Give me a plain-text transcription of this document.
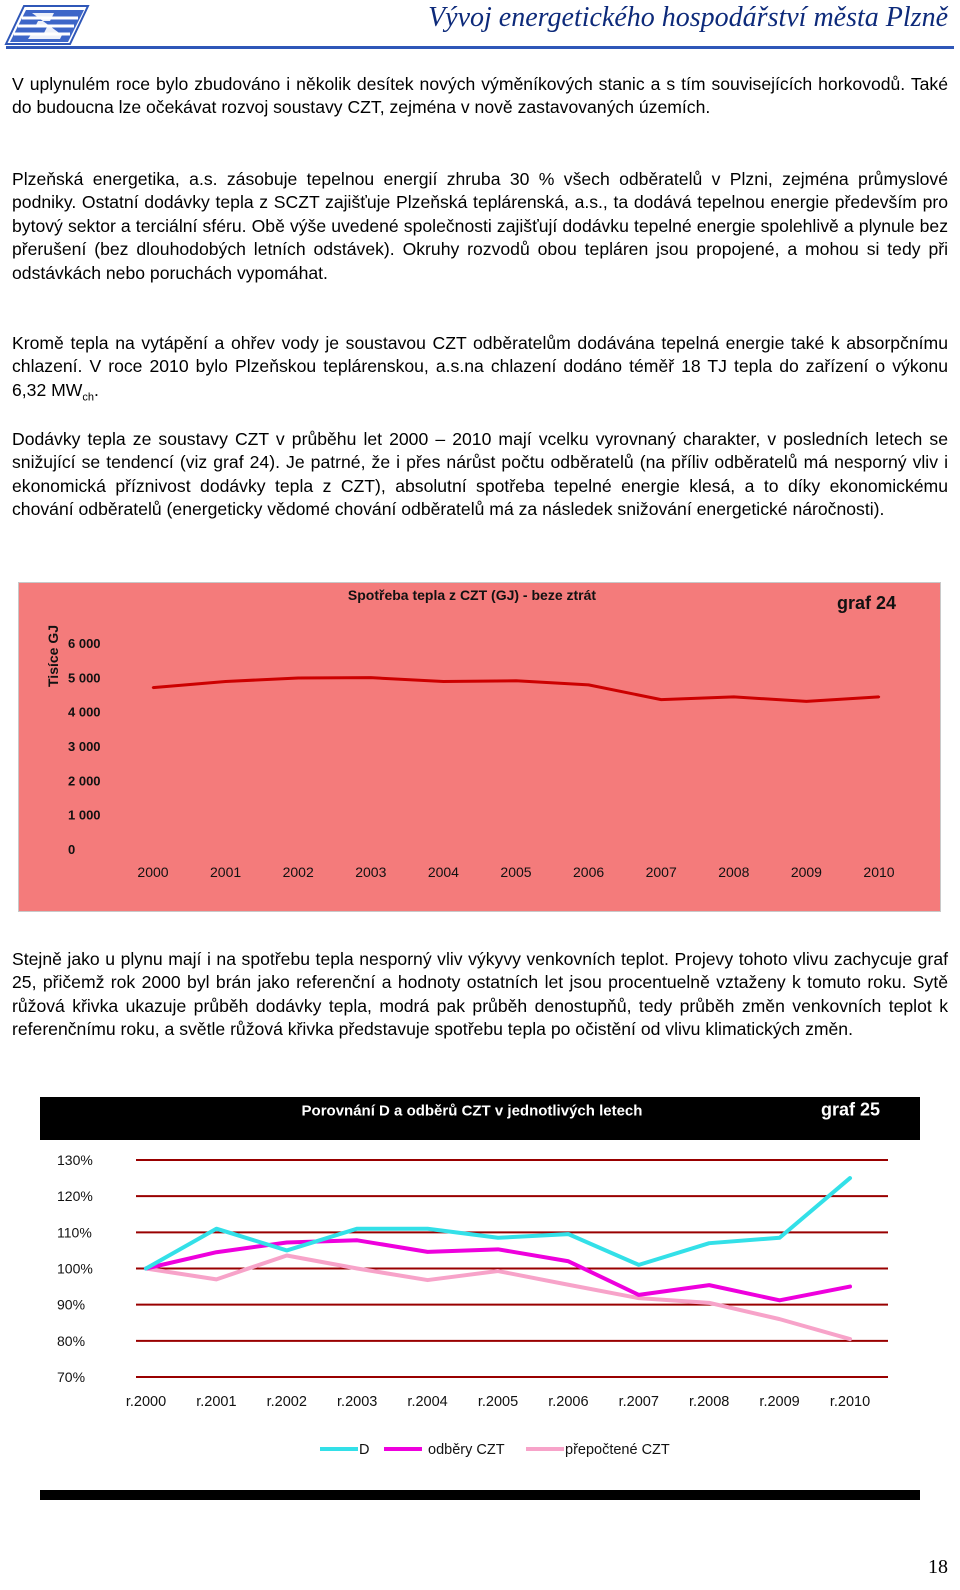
Vývoj energetického hospodářství města Plzně

V uplynulém roce bylo zbudováno i několik desítek nových výměníkových stanic a s tím souvisejících horkovodů. Také do budoucna lze očekávat rozvoj soustavy CZT, zejména v nově zastavovaných územích.

Plzeňská energetika, a.s. zásobuje tepelnou energií zhruba 30 % všech odběratelů v Plzni, zejména průmyslové podniky. Ostatní dodávky tepla z SCZT zajišťuje Plzeňská teplárenská, a.s., ta dodává tepelnou energie především pro bytový sektor a terciální sféru. Obě výše uvedené společnosti zajišťují dodávku tepelné energie spolehlivě a plynule bez přerušení (bez dlouhodobých letních odstávek). Okruhy rozvodů obou tepláren jsou propojené, a mohou si tedy při odstávkách nebo poruchách vypomáhat.

Kromě tepla na vytápění a ohřev vody je soustavou CZT odběratelům dodávána tepelná energie také k absorpčnímu chlazení. V roce 2010 bylo Plzeňskou teplárenskou, a.s.na chlazení dodáno téměř 18 TJ tepla do zařízení o výkonu 6,32 $MW_{ch}$.

Dodávky tepla ze soustavy CZT v průběhu let 2000 – 2010 mají vcelku vyrovnaný charakter, v posledních letech se snižující se tendencí (viz graf 24). Je patrné, že i přes nárůst počtu odběratelů (na příliv odběratelů má nesporný vliv i ekonomická příznivost dodávky tepla z CZT), absolutní spotřeba tepelné energie klesá, a to díky ekonomickému chování odběratelů (energeticky vědomé chování odběratelů má za následek snižování energetické náročnosti).

Spotřeba tepla z CZT (GJ) - beze ztrát	graf 24
Tisíce GJ
0
1 000
2 000
3 000
4 000
5 000
6 000
2000	2001	2002	2003	2004	2005	2006	2007	2008	2009	2010

Stejně jako u plynu mají i na spotřebu tepla nesporný vliv výkyvy venkovních teplot. Projevy tohoto vlivu zachycuje graf 25, přičemž rok 2000 byl brán jako referenční a hodnoty ostatních let jsou procentuelně vztaženy k tomuto roku. Sytě růžová křivka ukazuje průběh dodávky tepla, modrá pak průběh denostupňů, tedy průběh změn venkovních teplot k referenčnímu roku, a světle růžová křivka představuje spotřebu tepla po očistění od vlivu klimatických změn.

Porovnání D a odběrů CZT v jednotlivých letech	graf 25
70%
80%
90%
100%
110%
120%
130%
r.2000 r.2001 r.2002 r.2003 r.2004 r.2005 r.2006 r.2007 r.2008 r.2009 r.2010
D	odběry CZT	přepočtené CZT
18
